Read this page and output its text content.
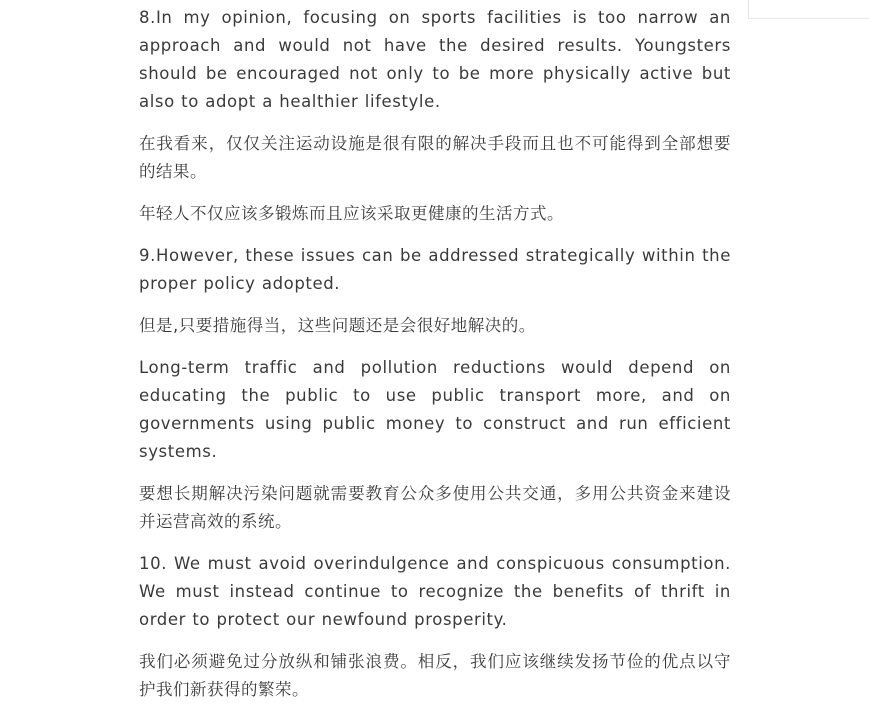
8.In my opinion, focusing on sports facilities is too narrow an approach and would not have the desired results. Youngsters should be encouraged not only to be more physically active but also to adopt a healthier lifestyle.

在我看来，仅仅关注运动设施是很有限的解决手段而且也不可能得到全部想要的结果。

年轻人不仅应该多锻炼而且应该采取更健康的生活方式。

9.However, these issues can be addressed strategically within the proper policy adopted.

但是,只要措施得当，这些问题还是会很好地解决的。

Long-term traffic and pollution reductions would depend on educating the public to use public transport more, and on governments using public money to construct and run efficient systems.

要想长期解决污染问题就需要教育公众多使用公共交通，多用公共资金来建设并运营高效的系统。

10. We must avoid overindulgence and conspicuous consumption. We must instead continue to recognize the benefits of thrift in order to protect our newfound prosperity.

我们必须避免过分放纵和铺张浪费。相反，我们应该继续发扬节俭的优点以守护我们新获得的繁荣。
